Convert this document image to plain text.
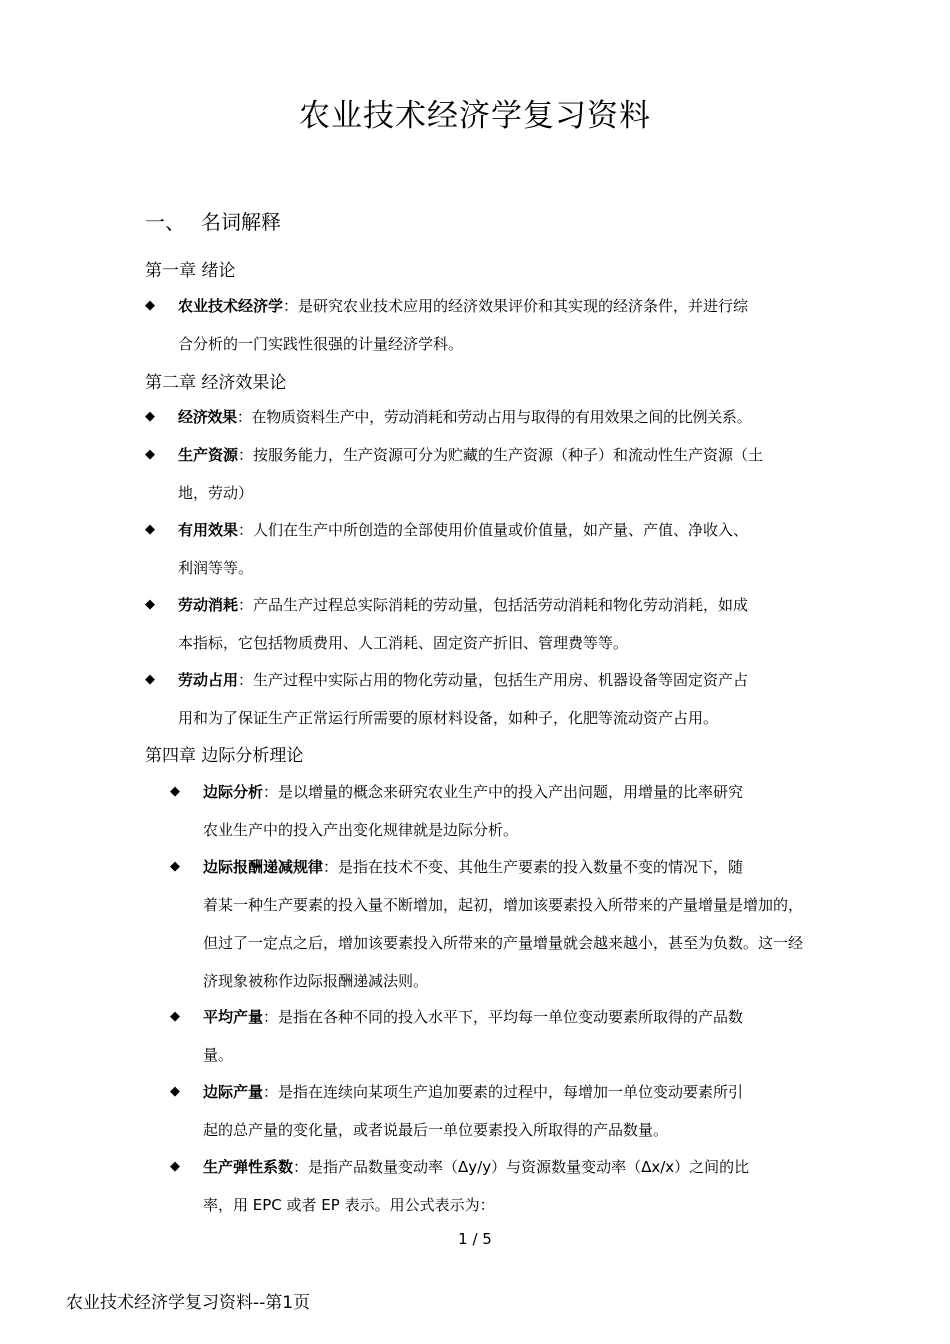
农业技术经济学复习资料
一、 名词解释
第一章 绪论
◆	农业技术经济学：是研究农业技术应用的经济效果评价和其实现的经济条件，并进行综
合分析的一门实践性很强的计量经济学科。
第二章 经济效果论
◆	经济效果：在物质资料生产中，劳动消耗和劳动占用与取得的有用效果之间的比例关系。
◆	生产资源：按服务能力，生产资源可分为贮藏的生产资源（种子）和流动性生产资源（土
地，劳动）
◆	有用效果：人们在生产中所创造的全部使用价值量或价值量，如产量、产值、净收入、
利润等等。
◆	劳动消耗：产品生产过程总实际消耗的劳动量，包括活劳动消耗和物化劳动消耗，如成
本指标，它包括物质费用、人工消耗、固定资产折旧、管理费等等。
◆	劳动占用：生产过程中实际占用的物化劳动量，包括生产用房、机器设备等固定资产占
用和为了保证生产正常运行所需要的原材料设备，如种子，化肥等流动资产占用。
第四章 边际分析理论
◆	边际分析：是以增量的概念来研究农业生产中的投入产出问题，用增量的比率研究
农业生产中的投入产出变化规律就是边际分析。
◆	边际报酬递减规律：是指在技术不变、其他生产要素的投入数量不变的情况下，随
着某一种生产要素的投入量不断增加，起初，增加该要素投入所带来的产量增量是增加的，但过了一定点之后，增加该要素投入所带来的产量增量就会越来越小，甚至为负数。这一经济现象被称作边际报酬递减法则。
◆	平均产量：是指在各种不同的投入水平下，平均每一单位变动要素所取得的产品数
量。
◆	边际产量：是指在连续向某项生产追加要素的过程中，每增加一单位变动要素所引
起的总产量的变化量，或者说最后一单位要素投入所取得的产品数量。
◆	生产弹性系数：是指产品数量变动率（Δy/y）与资源数量变动率（Δx/x）之间的比
率，用 EPC 或者 EP 表示。用公式表示为：
1 / 5
农业技术经济学复习资料--第1页
